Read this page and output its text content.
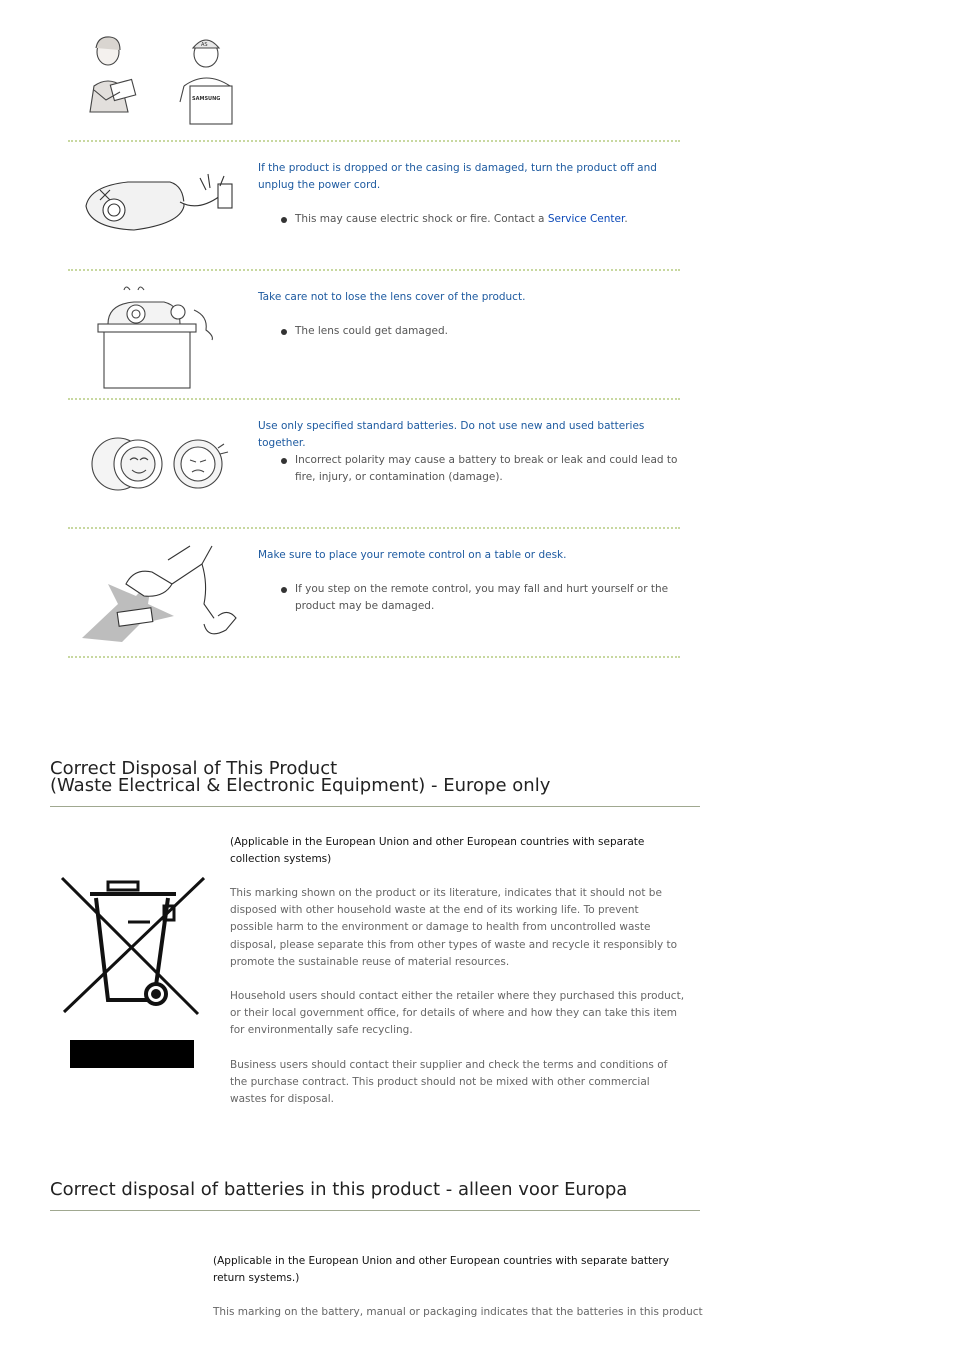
AS
SAMSUNG

If the product is dropped or the casing is damaged, turn the product off and unplug the power cord.

This may cause electric shock or fire. Contact a Service Center.

Take care not to lose the lens cover of the product.

The lens could get damaged.

Use only specified standard batteries. Do not use new and used batteries together.

Incorrect polarity may cause a battery to break or leak and could lead to fire, injury, or contamination (damage).

Make sure to place your remote control on a table or desk.

If you step on the remote control, you may fall and hurt yourself or the product may be damaged.
Correct Disposal of This Product
(Waste Electrical & Electronic Equipment) - Europe only
(Applicable in the European Union and other European countries with separate collection systems)
This marking shown on the product or its literature, indicates that it should not be disposed with other household waste at the end of its working life. To prevent possible harm to the environment or damage to health from uncontrolled waste disposal, please separate this from other types of waste and recycle it responsibly to promote the sustainable reuse of material resources.
Household users should contact either the retailer where they purchased this product, or their local government office, for details of where and how they can take this item for environmentally safe recycling.
Business users should contact their supplier and check the terms and conditions of the purchase contract. This product should not be mixed with other commercial wastes for disposal.
Correct disposal of batteries in this product - alleen voor Europa
(Applicable in the European Union and other European countries with separate battery return systems.)
This marking on the battery, manual or packaging indicates that the batteries in this product
